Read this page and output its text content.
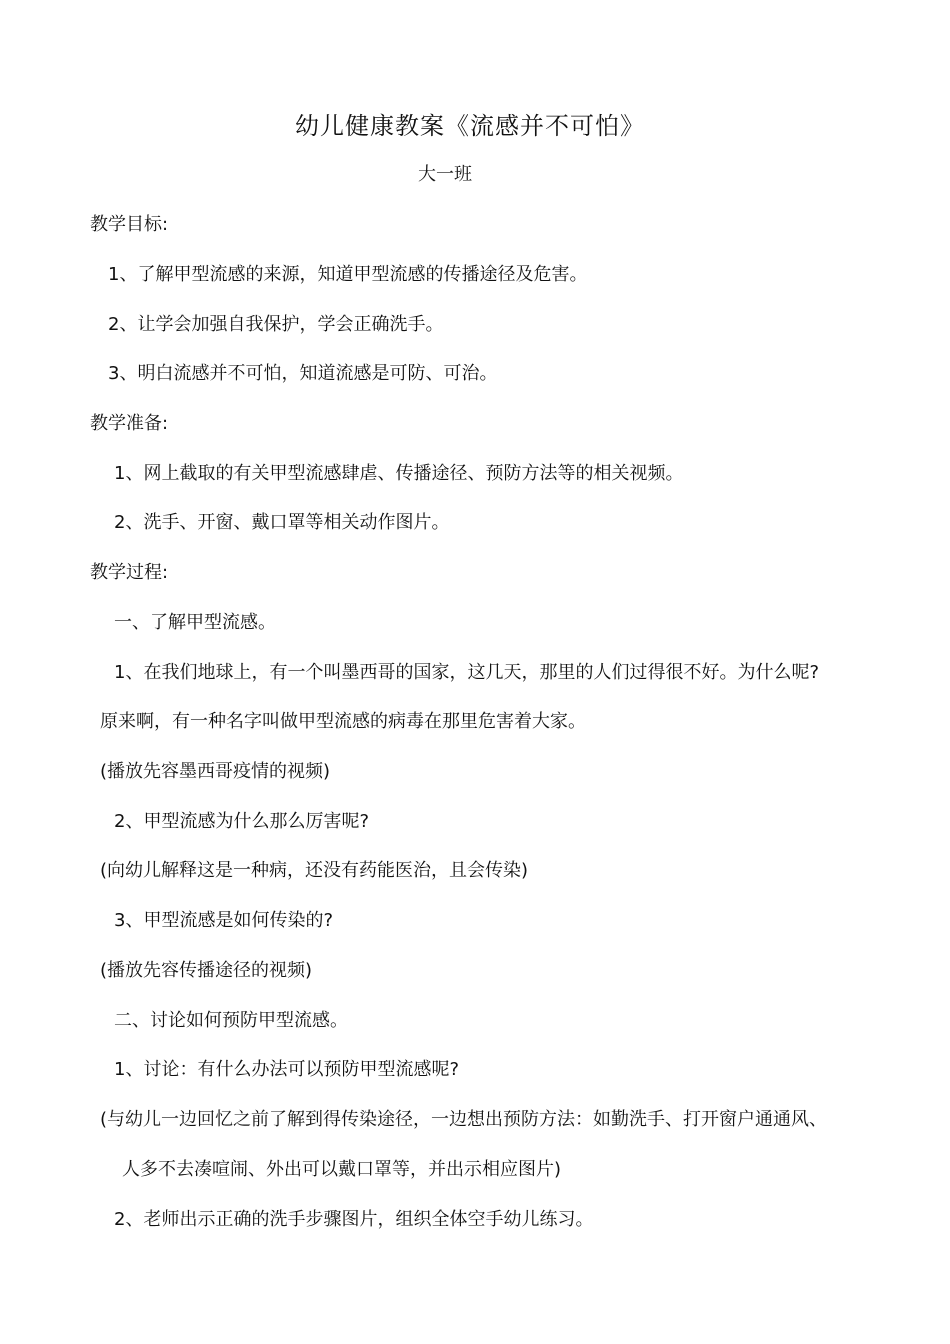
幼儿健康教案《流感并不可怕》
大一班
教学目标:
1、了解甲型流感的来源，知道甲型流感的传播途径及危害。
2、让学会加强自我保护，学会正确洗手。
3、明白流感并不可怕，知道流感是可防、可治。
教学准备:
1、网上截取的有关甲型流感肆虐、传播途径、预防方法等的相关视频。
2、洗手、开窗、戴口罩等相关动作图片。
教学过程:
一、了解甲型流感。
1、在我们地球上，有一个叫墨西哥的国家，这几天，那里的人们过得很不好。为什么呢?
原来啊，有一种名字叫做甲型流感的病毒在那里危害着大家。
(播放先容墨西哥疫情的视频)
2、甲型流感为什么那么厉害呢?
(向幼儿解释这是一种病，还没有药能医治，且会传染)
3、甲型流感是如何传染的?
(播放先容传播途径的视频)
二、讨论如何预防甲型流感。
1、讨论：有什么办法可以预防甲型流感呢?
(与幼儿一边回忆之前了解到得传染途径，一边想出预防方法：如勤洗手、打开窗户通通风、
人多不去凑喧闹、外出可以戴口罩等，并出示相应图片)
2、老师出示正确的洗手步骤图片，组织全体空手幼儿练习。
